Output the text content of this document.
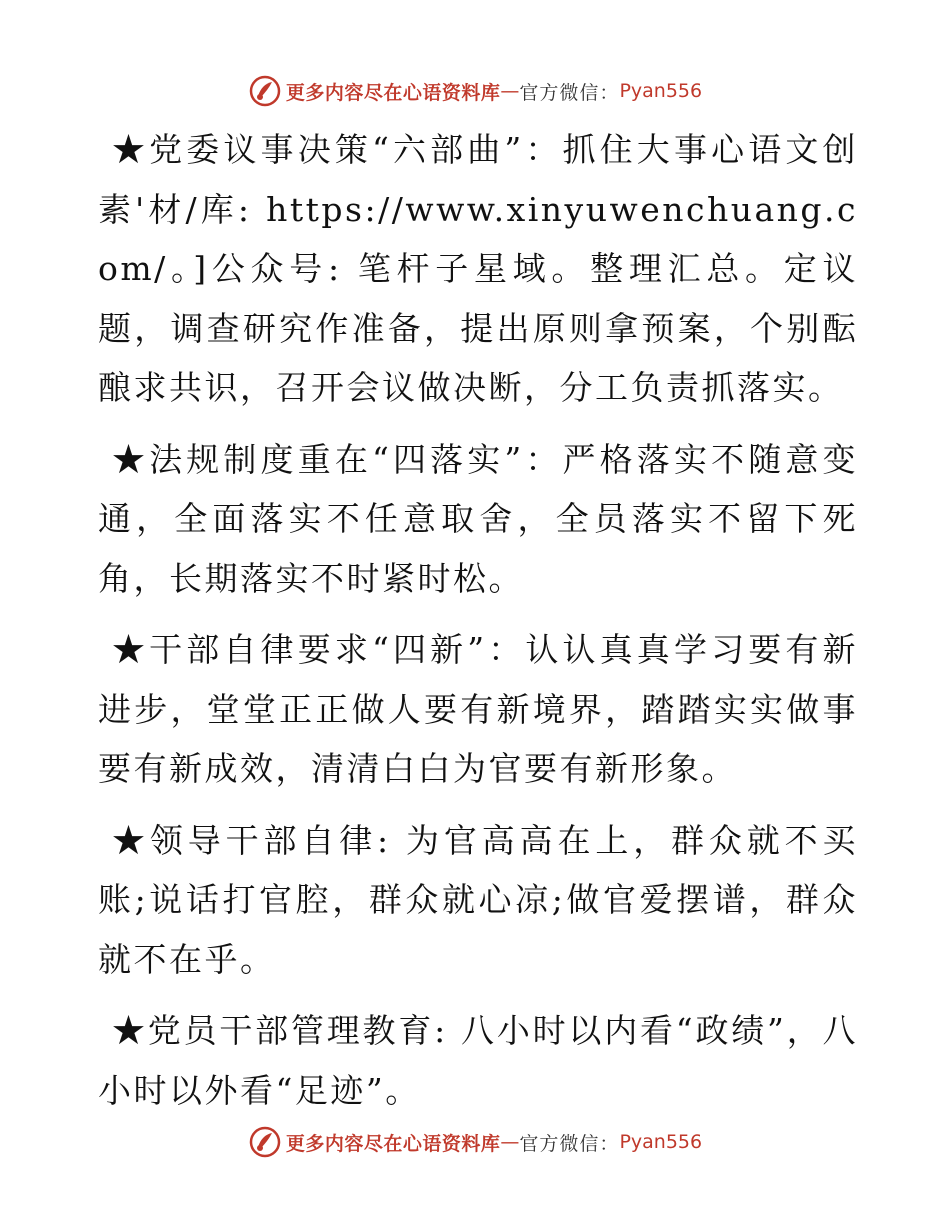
更多内容尽在心语资料库 — 官方微信： Pyan556

★党委议事决策“六部曲”：抓住大事心语文创素'材/库: https://www.xinyuwenchuang.com/。]公众号: 笔杆子星域。整理汇总。定议题，调查研究作准备，提出原则拿预案，个别酝酿求共识，召开会议做决断，分工负责抓落实。

★法规制度重在“四落实”：严格落实不随意变通，全面落实不任意取舍，全员落实不留下死角，长期落实不时紧时松。

★干部自律要求“四新”：认认真真学习要有新进步，堂堂正正做人要有新境界，踏踏实实做事要有新成效，清清白白为官要有新形象。

★领导干部自律: 为官高高在上，群众就不买账;说话打官腔，群众就心凉;做官爱摆谱，群众就不在乎。

★党员干部管理教育: 八小时以内看“政绩”，八小时以外看“足迹”。

更多内容尽在心语资料库 — 官方微信： Pyan556
